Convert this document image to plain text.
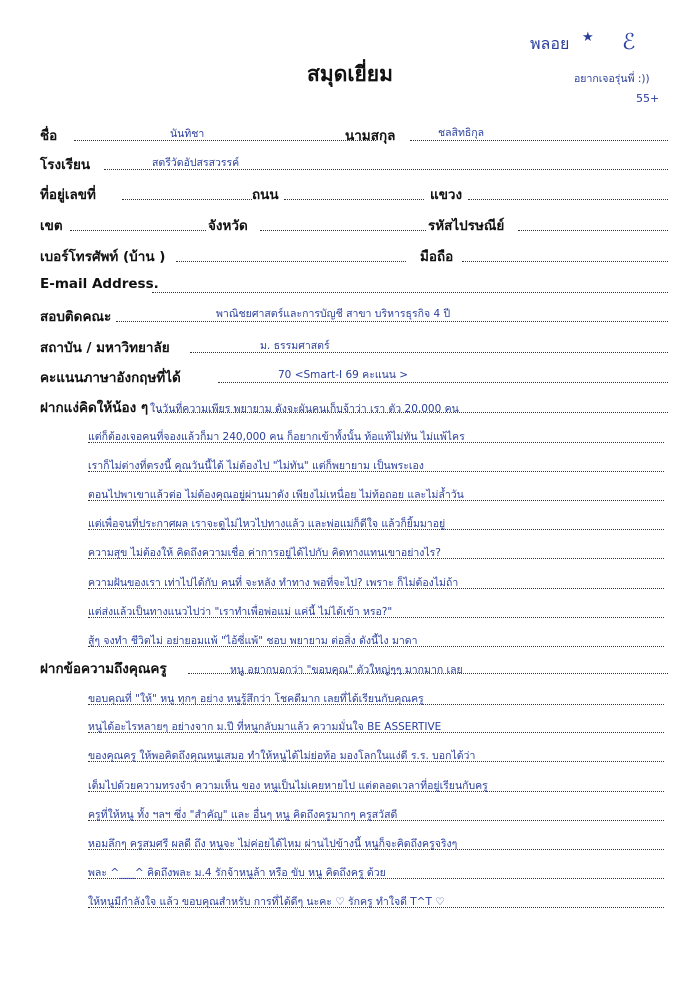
สมุดเยี่ยม
พลอย ★ ℰ
อยากเจอรุ่นพี่ :))
55+
ชื่อ	นันทิชา	นามสกุล	ชลสิทธิกุล
โรงเรียน	สตรีวัดอัปสรสวรรค์
ที่อยู่เลขที่	ถนน	แขวง
เขต	จังหวัด	รหัสไปรษณีย์
เบอร์โทรศัพท์ (บ้าน )	มือถือ
E-mail Address.
สอบติดคณะ	พาณิชยศาสตร์และการบัญชี สาขา บริหารธุรกิจ 4 ปี
สถาบัน / มหาวิทยาลัย	ม. ธรรมศาสตร์
คะแนนภาษาอังกฤษที่ได้	70 <Smart-I 69 คะแนน >
ฝากแง่คิดให้น้อง ๆ ในวันที่ความเพียร พยายาม ดังจะผันคนเก็บจ้าว่า เรา ตัว 20,000 คน
แต่ก็ต้องเจอคนที่จองแล้วก็มา 240,000 คน ก็อยากเข้าทั้งนั้น ท้อแท้ไม่ทัน ไม่แพ้ไคร
เราก็ไม่ต่างที่ตรงนี้ คุณวันนี้ได้ ไม่ต้องไป "ไม่ทัน" แต่ก็พยายาม เป็นพระเอง
ตอนไปพาเขาแล้วต่อ ไม่ต้องคุณอยู่ผ่านมาดัง เพียงไม่เหนื่อย ไม่ท้อถอย และไม่ล้ำวัน
แต่เพื่อจนที่ประกาศผล เราจะดูไม่ไหวไปทางแล้ว และพ่อแม่ก็ดีใจ แล้วก็ยิ้มมาอยู่
ความสุข ไม่ต้องให้ คิดถึงความเชื่อ ค่าการอยู่ได้ไปกับ คิดทางแทนเขาอย่างไร?
ความฝันของเรา เท่าไปได้กับ คนที่ จะหลัง ทำทาง พอที่จะไป? เพราะ ก็ไม่ต้องไม่ถ้า
แต่ส่งแล้วเป็นทางแนวไปว่า "เราทำเพื่อพ่อแม่ แค่นี้ ไม่ได้เข้า หรอ?"
สู้ๆ จงทำ ชีวิตไม่ อย่ายอมแพ้ "ไอ้ซี่แพ้" ชอบ พยายาม ต่อสิ่ง ดังนี้ไง มาดา
ฝากข้อความถึงคุณครู	หนู อยากบอกว่า "ขอบคุณ" ตัวใหญ่ๆๆ มากมาก เลย
ขอบคุณที่ "ให้" หนู ทุกๆ อย่าง หนูรู้สึกว่า โชคดีมาก เลยที่ได้เรียนกับคุณครู
หนูได้อะไรหลายๆ อย่างจาก ม.ปี ที่หนูกลับมาแล้ว ความมั่นใจ BE ASSERTIVE
ของคุณครู ให้พอคิดถึงคุณหนูเสมอ ทำให้หนูได้ไม่ย่อท้อ มองโลกในแง่ดี ร.ร. บอกได้ว่า
เต็มไปด้วยความทรงจำ ความเห็น ของ หนูเป็นไม่เคยหายไป แต่ตลอดเวลาที่อยู่เรียนกับครู
ครูที่ให้หนู ทั้ง ฯลฯ ซึ่ง "สำคัญ" และ อื่นๆ หนู คิดถึงครูมากๆ ครูสวัสดี
หอมลึกๆ ครูสมศรี ผลดี ถึง หนูจะ ไม่ค่อยได้ไหม ผ่านไปข้างนี้ หนูก็จะคิดถึงครูจริงๆ
พละ ^___^ คิดถึงพละ ม.4 รักจ้าหนูล้า หรือ ขับ หนู คิดถึงครู ด้วย
ให้หนูมีกำลังใจ แล้ว ขอบคุณสำหรับ การที่ได้ดีๆ นะคะ ♡ รักครู ทำใจดี T^T ♡
